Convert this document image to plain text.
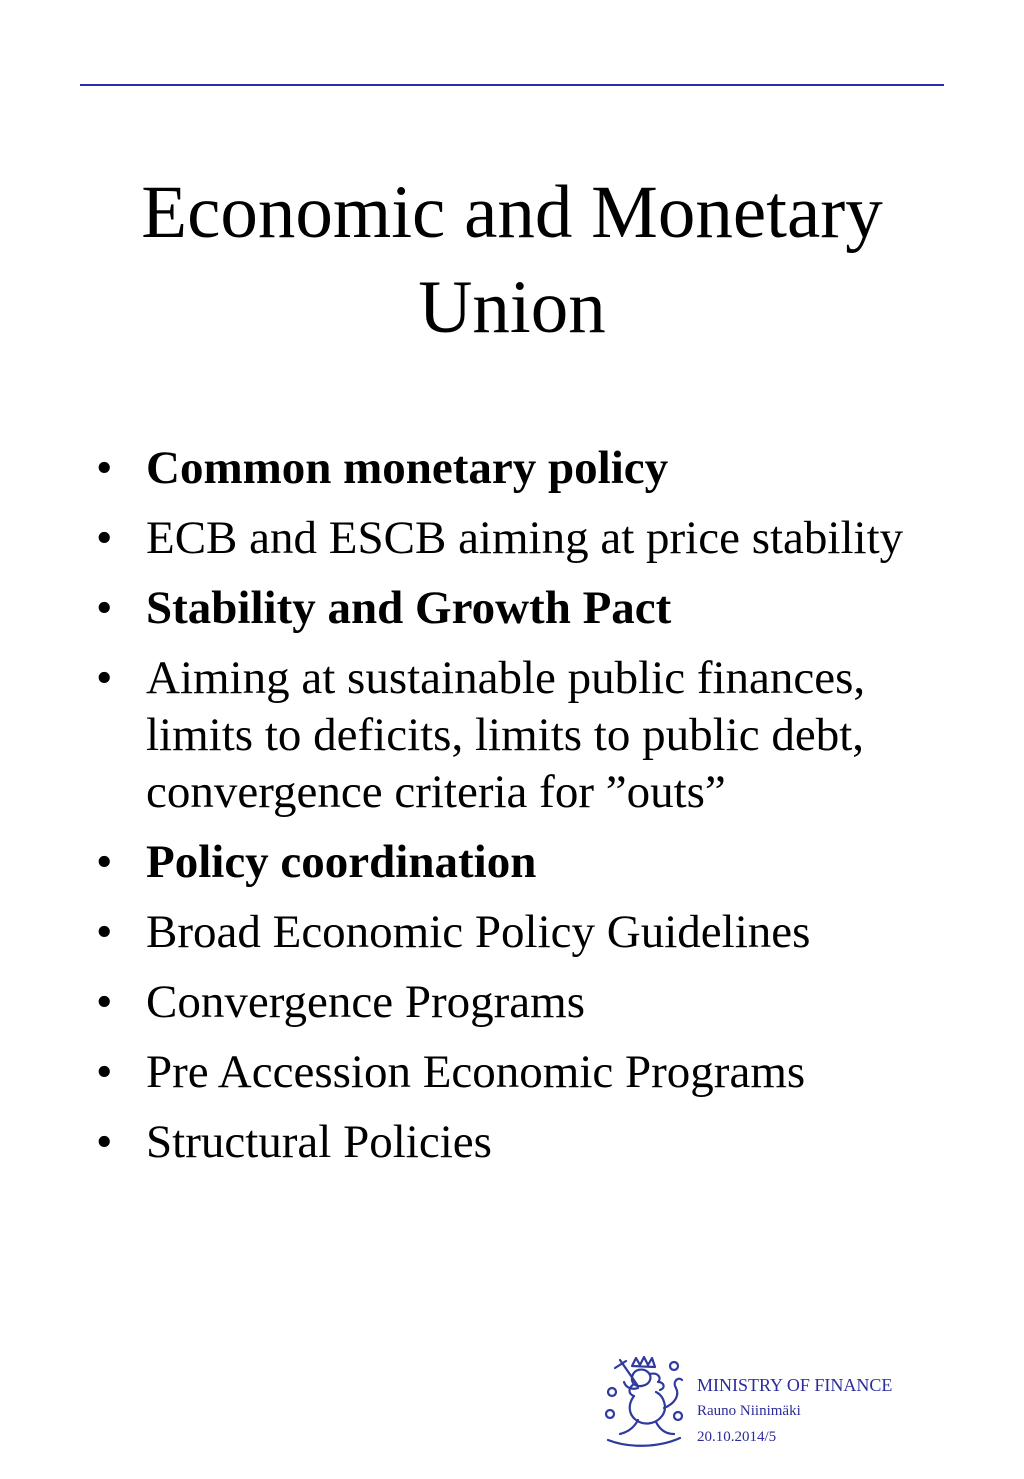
Economic and Monetary
Union
• Common monetary policy
• ECB and ESCB aiming at price stability
• Stability and Growth Pact
• Aiming at sustainable public finances, limits to deficits, limits to public debt, convergence criteria for ”outs”
• Policy coordination
• Broad Economic Policy Guidelines
• Convergence Programs
• Pre Accession Economic Programs
• Structural Policies
MINISTRY OF FINANCE
Rauno Niinimäki
20.10.2014/5
